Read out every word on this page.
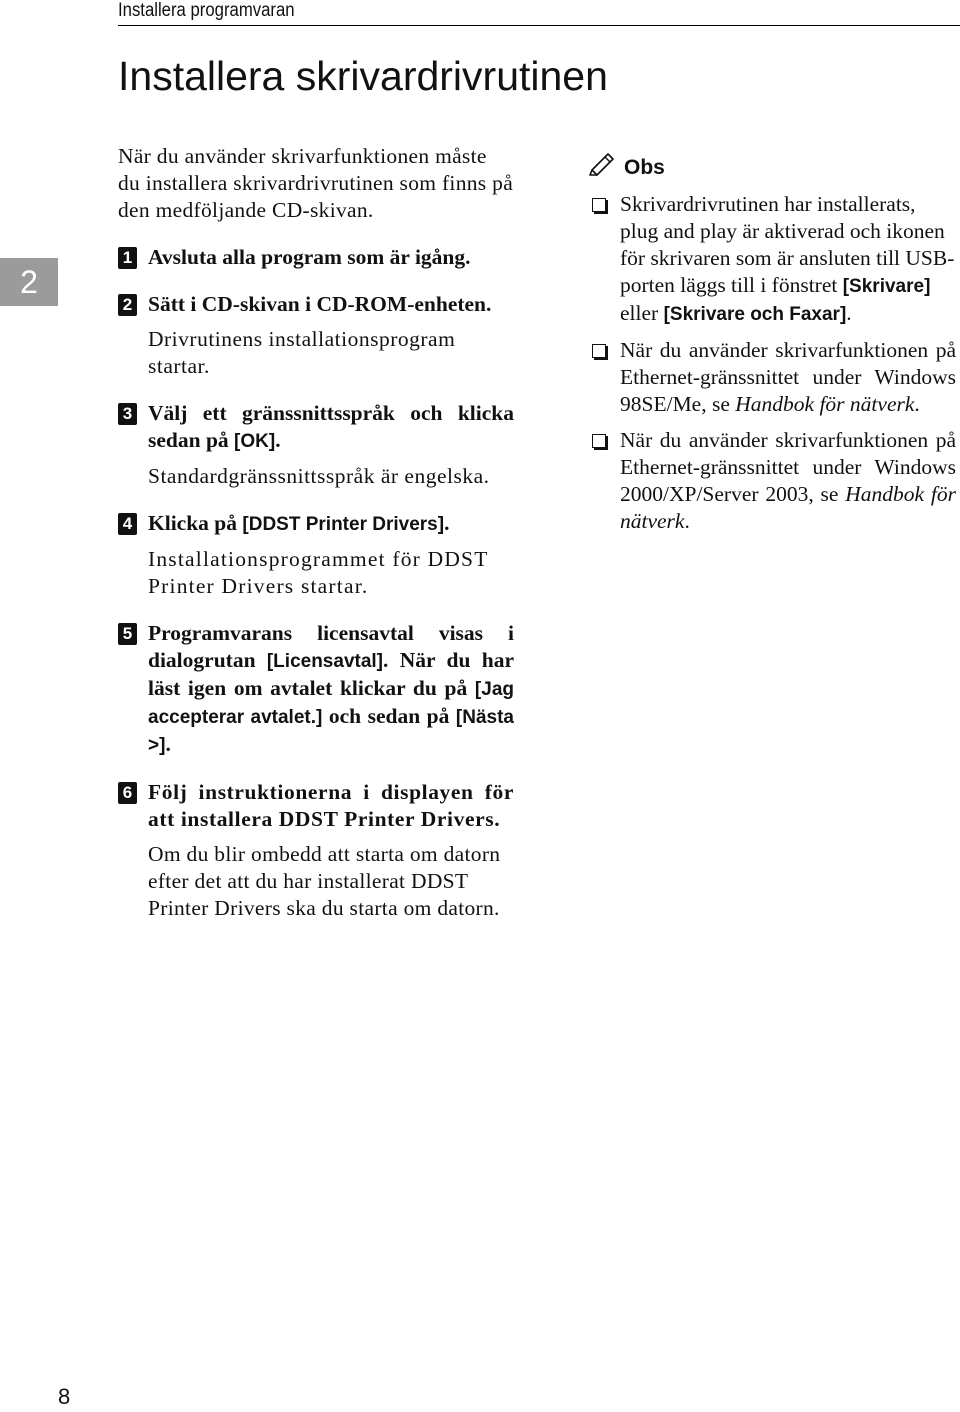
Installera programvaran
Installera skrivardrivrutinen
2

När du använder skrivarfunktionen måste du installera skrivardrivrutinen som finns på den medföljande CD-skivan.

1 Avsluta alla program som är igång.

2 Sätt i CD-skivan i CD-ROM-enheten.

Drivrutinens installationsprogram startar.

3 Välj ett gränssnittsspråk och klicka sedan på [OK].

Standardgränssnittsspråk är engelska.

4 Klicka på [DDST Printer Drivers].

Installationsprogrammet för DDST Printer Drivers startar.

5 Programvarans licensavtal visas i dialogrutan [Licensavtal]. När du har läst igen om avtalet klickar du på [Jag accepterar avtalet.] och sedan på [Nästa >].

6 Följ instruktionerna i displayen för att installera DDST Printer Drivers.

Om du blir ombedd att starta om datorn efter det att du har installerat DDST Printer Drivers ska du starta om datorn.

Obs

Skrivardrivrutinen har installerats, plug and play är aktiverad och ikonen för skrivaren som är ansluten till USB-porten läggs till i fönstret [Skrivare] eller [Skrivare och Faxar].

När du använder skrivarfunktionen på Ethernet-gränssnittet under Windows 98SE/Me, se Handbok för nätverk.

När du använder skrivarfunktionen på Ethernet-gränssnittet under Windows 2000/XP/Server 2003, se Handbok för nätverk.

8
